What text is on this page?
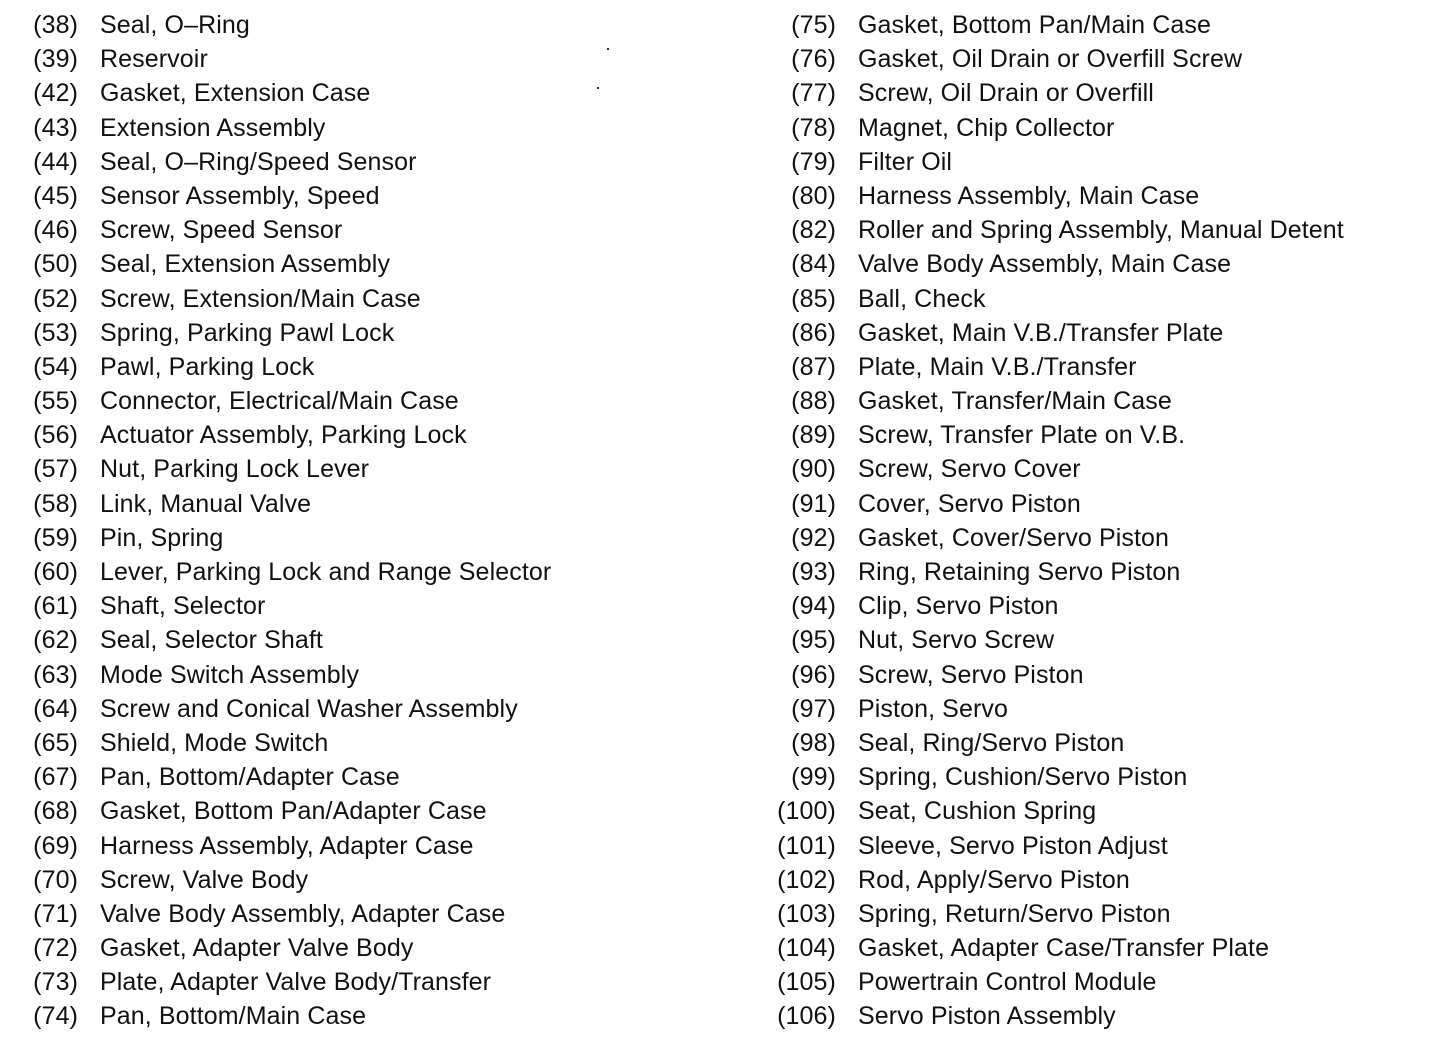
(38) Seal, O–Ring
(39) Reservoir
(42) Gasket, Extension Case
(43) Extension Assembly
(44) Seal, O–Ring/Speed Sensor
(45) Sensor Assembly, Speed
(46) Screw, Speed Sensor
(50) Seal, Extension Assembly
(52) Screw, Extension/Main Case
(53) Spring, Parking Pawl Lock
(54) Pawl, Parking Lock
(55) Connector, Electrical/Main Case
(56) Actuator Assembly, Parking Lock
(57) Nut, Parking Lock Lever
(58) Link, Manual Valve
(59) Pin, Spring
(60) Lever, Parking Lock and Range Selector
(61) Shaft, Selector
(62) Seal, Selector Shaft
(63) Mode Switch Assembly
(64) Screw and Conical Washer Assembly
(65) Shield, Mode Switch
(67) Pan, Bottom/Adapter Case
(68) Gasket, Bottom Pan/Adapter Case
(69) Harness Assembly, Adapter Case
(70) Screw, Valve Body
(71) Valve Body Assembly, Adapter Case
(72) Gasket, Adapter Valve Body
(73) Plate, Adapter Valve Body/Transfer
(74) Pan, Bottom/Main Case
(75) Gasket, Bottom Pan/Main Case
(76) Gasket, Oil Drain or Overfill Screw
(77) Screw, Oil Drain or Overfill
(78) Magnet, Chip Collector
(79) Filter Oil
(80) Harness Assembly, Main Case
(82) Roller and Spring Assembly, Manual Detent
(84) Valve Body Assembly, Main Case
(85) Ball, Check
(86) Gasket, Main V.B./Transfer Plate
(87) Plate, Main V.B./Transfer
(88) Gasket, Transfer/Main Case
(89) Screw, Transfer Plate on V.B.
(90) Screw, Servo Cover
(91) Cover, Servo Piston
(92) Gasket, Cover/Servo Piston
(93) Ring, Retaining Servo Piston
(94) Clip, Servo Piston
(95) Nut, Servo Screw
(96) Screw, Servo Piston
(97) Piston, Servo
(98) Seal, Ring/Servo Piston
(99) Spring, Cushion/Servo Piston
(100) Seat, Cushion Spring
(101) Sleeve, Servo Piston Adjust
(102) Rod, Apply/Servo Piston
(103) Spring, Return/Servo Piston
(104) Gasket, Adapter Case/Transfer Plate
(105) Powertrain Control Module
(106) Servo Piston Assembly
